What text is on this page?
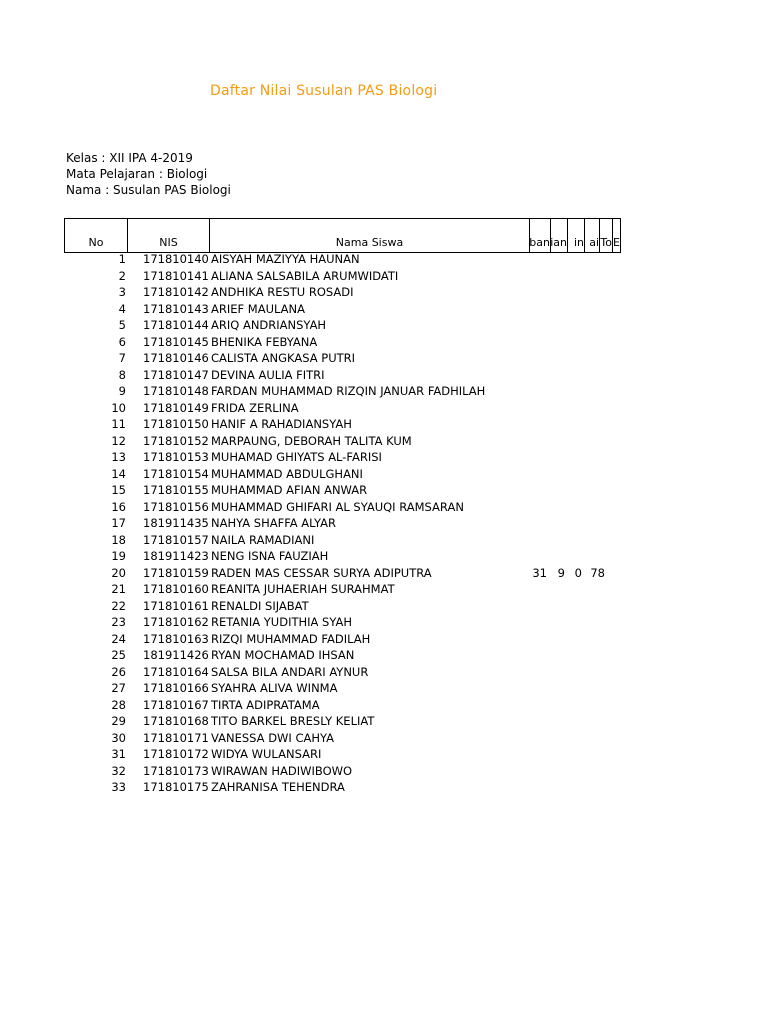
Daftar Nilai Susulan PAS Biologi
Kelas : XII IPA 4-2019
Mata Pelajaran : Biologi
Nama : Susulan PAS Biologi
No	NIS	Nama Siswa	ban ian in ai To E
1 171810140 AISYAH MAZIYYA HAUNAN
2 171810141 ALIANA SALSABILA ARUMWIDATI
3 171810142 ANDHIKA RESTU ROSADI
4 171810143 ARIEF MAULANA
5 171810144 ARIQ ANDRIANSYAH
6 171810145 BHENIKA FEBYANA
7 171810146 CALISTA ANGKASA PUTRI
8 171810147 DEVINA AULIA FITRI
9 171810148 FARDAN MUHAMMAD RIZQIN JANUAR FADHILAH
10 171810149 FRIDA ZERLINA
11 171810150 HANIF A RAHADIANSYAH
12 171810152 MARPAUNG, DEBORAH TALITA KUM
13 171810153 MUHAMAD GHIYATS AL-FARISI
14 171810154 MUHAMMAD ABDULGHANI
15 171810155 MUHAMMAD AFIAN ANWAR
16 171810156 MUHAMMAD GHIFARI AL SYAUQI RAMSARAN
17 181911435 NAHYA SHAFFA ALYAR
18 171810157 NAILA RAMADIANI
19 181911423 NENG ISNA FAUZIAH
20 171810159 RADEN MAS CESSAR SURYA ADIPUTRA	31 9 0 78
21 171810160 REANITA JUHAERIAH SURAHMAT
22 171810161 RENALDI SIJABAT
23 171810162 RETANIA YUDITHIA SYAH
24 171810163 RIZQI MUHAMMAD FADILAH
25 181911426 RYAN MOCHAMAD IHSAN
26 171810164 SALSA BILA ANDARI AYNUR
27 171810166 SYAHRA ALIVA WINMA
28 171810167 TIRTA ADIPRATAMA
29 171810168 TITO BARKEL BRESLY KELIAT
30 171810171 VANESSA DWI CAHYA
31 171810172 WIDYA WULANSARI
32 171810173 WIRAWAN HADIWIBOWO
33 171810175 ZAHRANISA TEHENDRA
